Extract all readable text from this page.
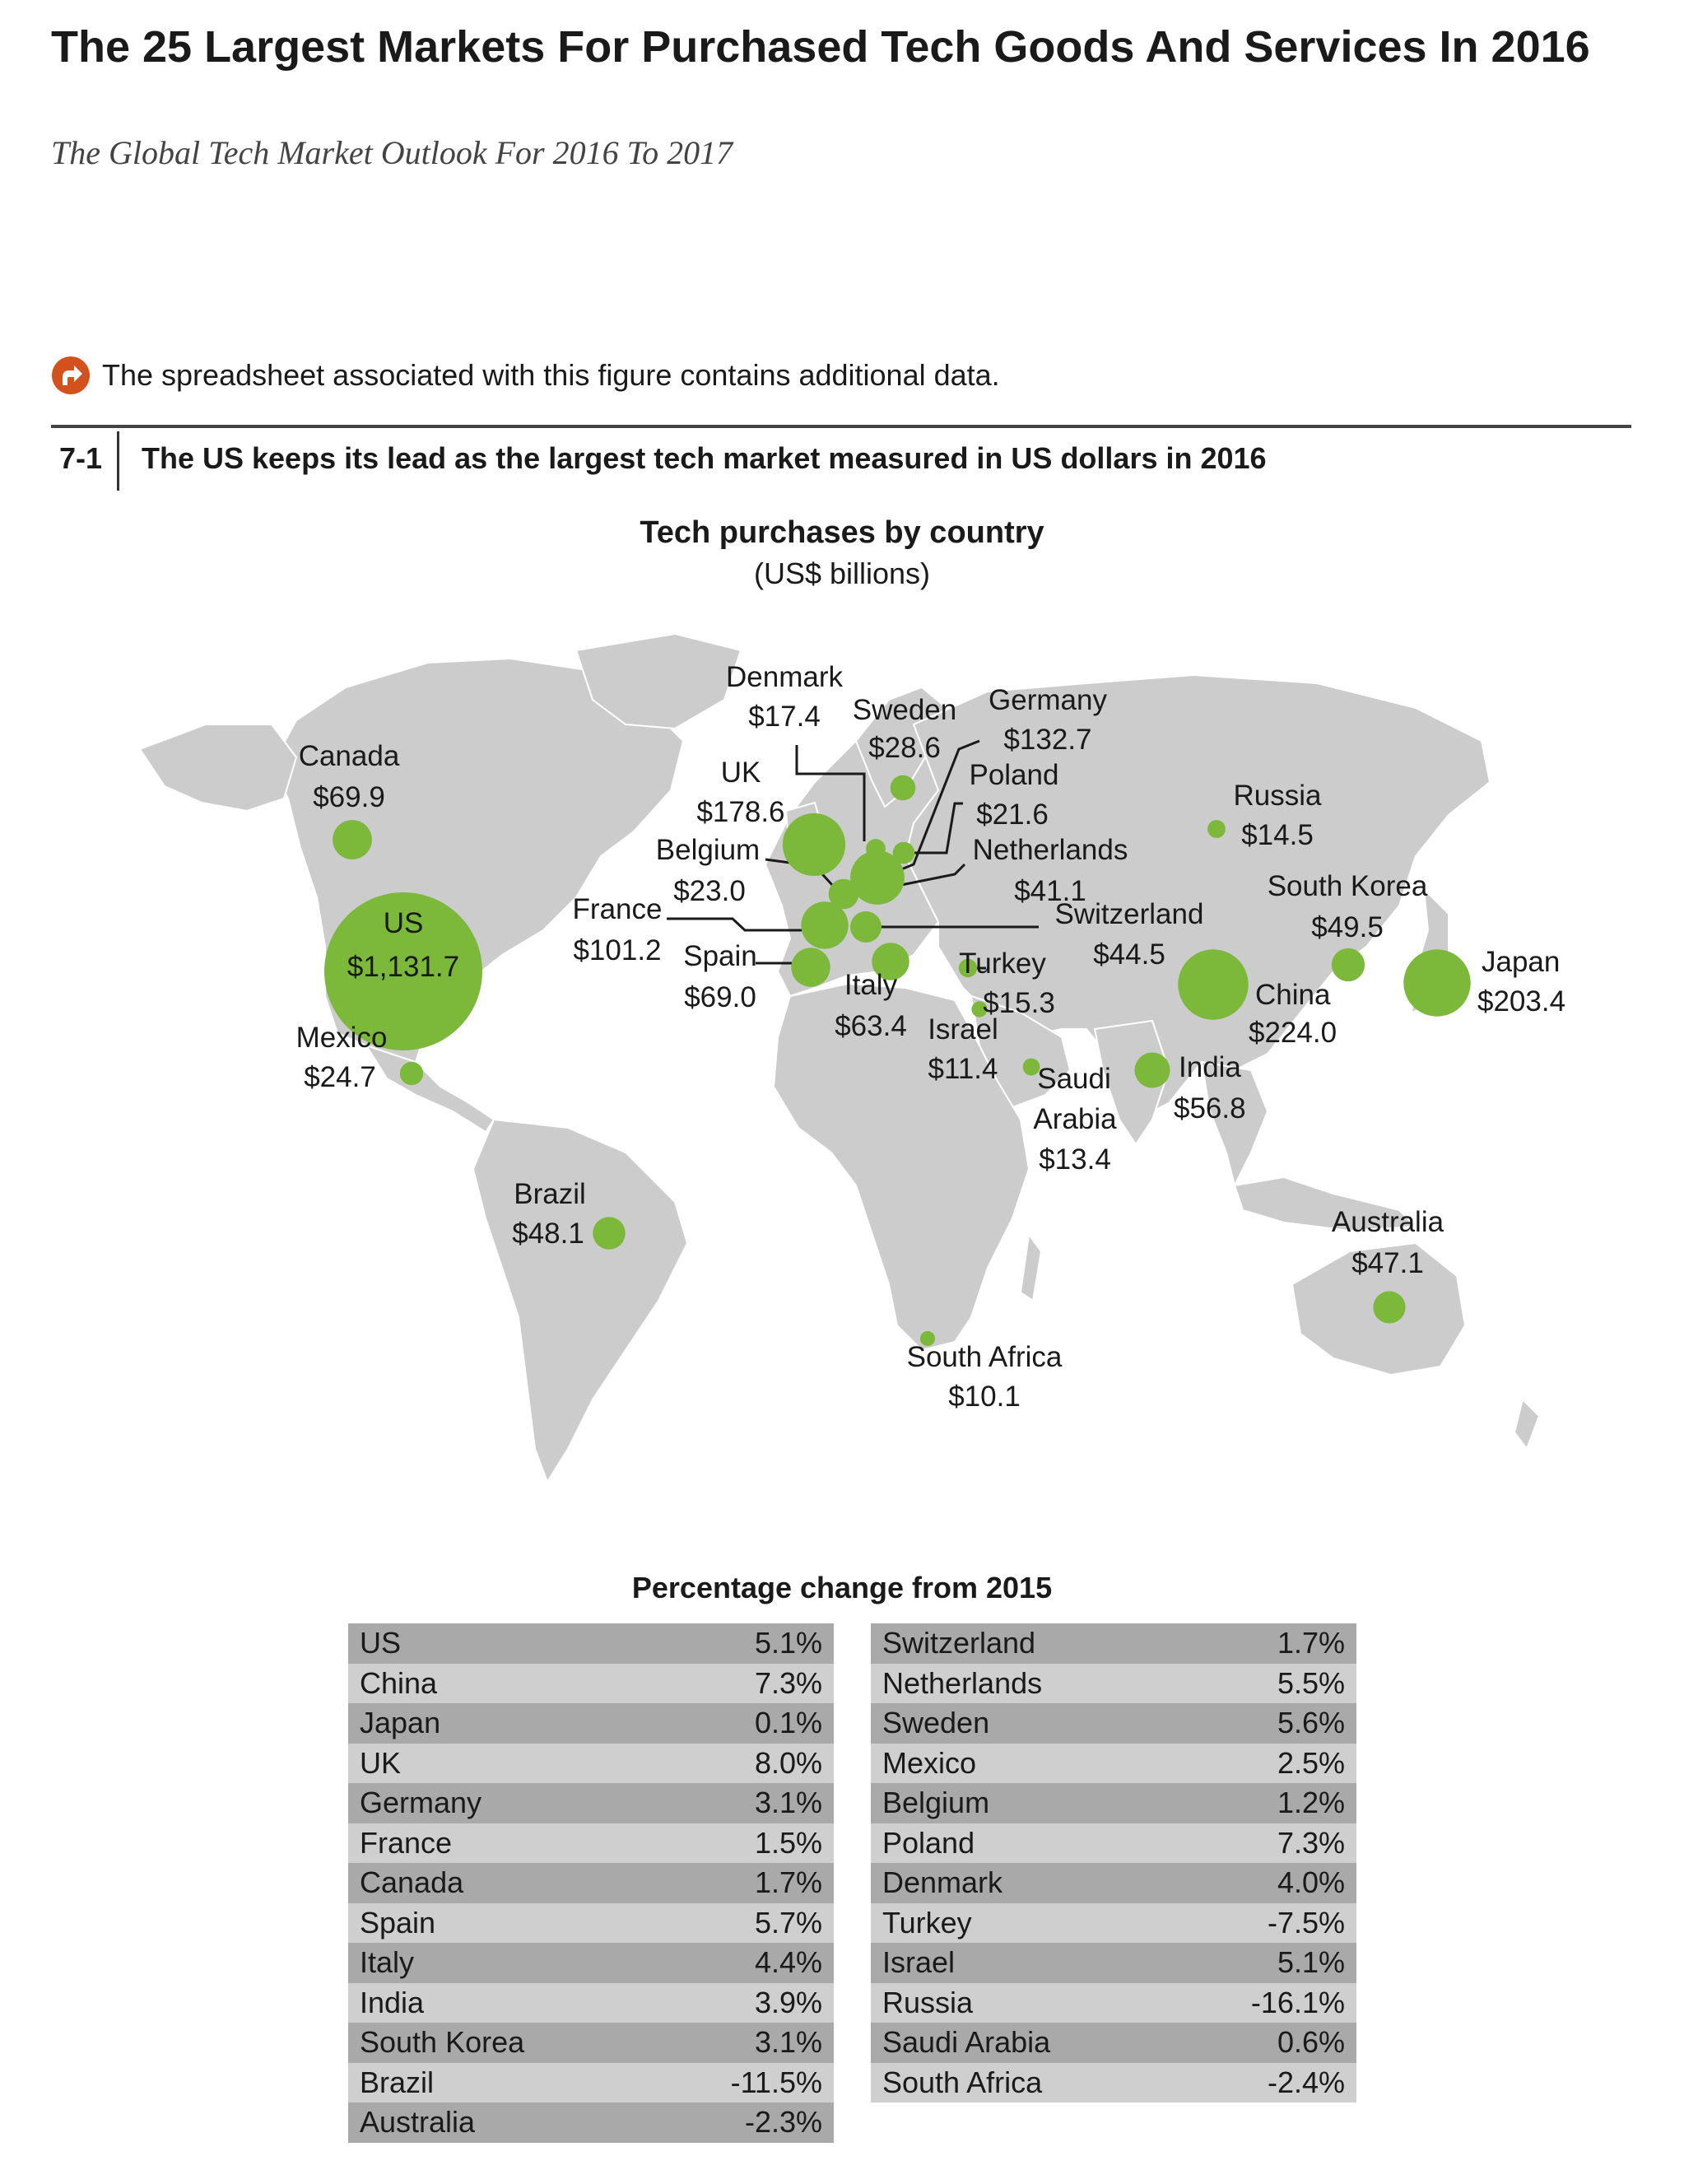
The 25 Largest Markets For Purchased Tech Goods And Services In 2016
The Global Tech Market Outlook For 2016 To 2017
The spreadsheet associated with this figure contains additional data.
7-1 The US keeps its lead as the largest tech market measured in US dollars in 2016
Tech purchases by country
(US$ billions)
US
$1,131.7
China
$224.0
Japan
$203.4
UK
$178.6
Germany
$132.7
France
$101.2
Canada
$69.9
Spain
$69.0	Italy
$63.4
India
$56.8
South Korea
$49.5
Brazil
$48.1	Australia
$47.1
Switzerland
$44.5
Netherlands
$41.1
Sweden
$28.6
Mexico
$24.7
Belgium
$23.0
Poland
$21.6
Denmark
$17.4
Turkey
$15.3
Russia
$14.5
Saudi
Arabia
$13.4
Israel
$11.4
South Africa
$10.1
Percentage change from 2015
US	5.1%
China	7.3%
Japan	0.1%
UK	8.0%
Germany	3.1%
France	1.5%
Canada	1.7%
Spain	5.7%
Italy	4.4%
India	3.9%
South Korea	3.1%
Brazil	-11.5%
Australia	-2.3%
Switzerland	1.7%
Netherlands	5.5%
Sweden	5.6%
Mexico	2.5%
Belgium	1.2%
Poland	7.3%
Denmark	4.0%
Turkey	-7.5%
Israel	5.1%
Russia	-16.1%
Saudi Arabia	0.6%
South Africa	-2.4%
